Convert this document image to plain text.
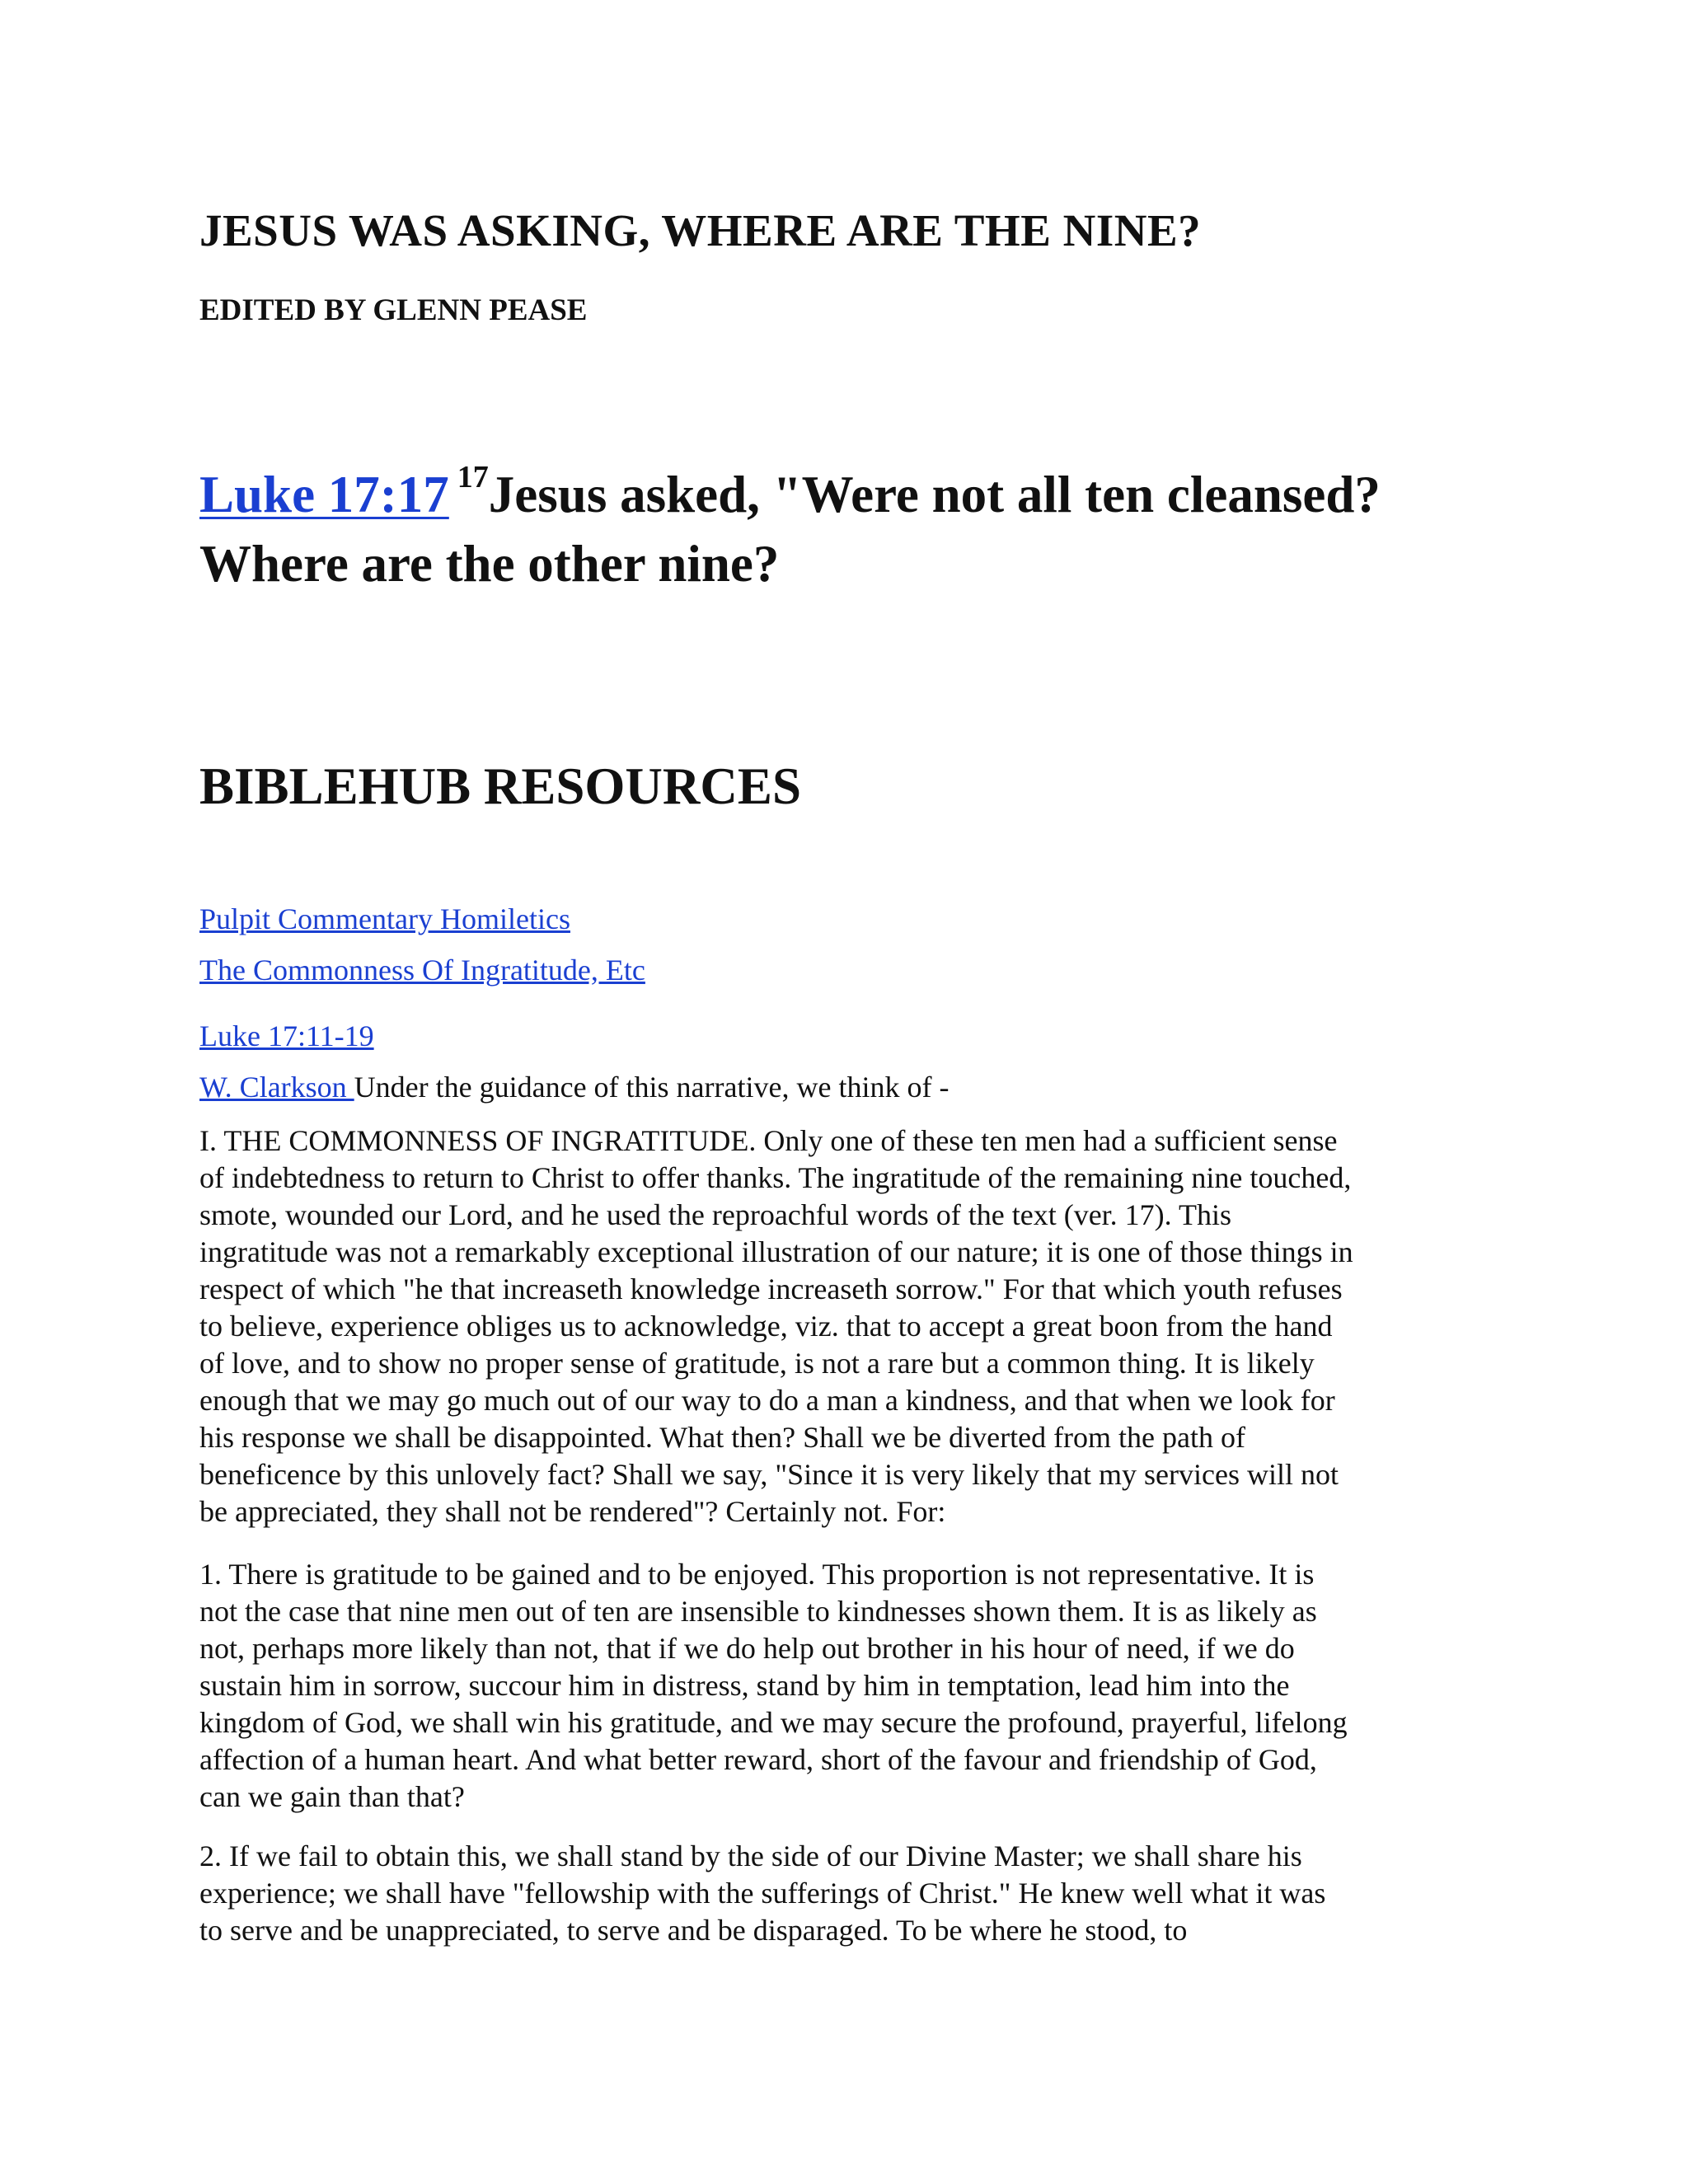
JESUS WAS ASKING, WHERE ARE THE NINE?

EDITED BY GLENN PEASE

Luke 17:17 $^{17}$Jesus asked, "Were not all ten cleansed?
Where are the other nine?
BIBLEHUB RESOURCES
Pulpit Commentary Homiletics
The Commonness Of Ingratitude, Etc
Luke 17:11-19

W. Clarkson Under the guidance of this narrative, we think of -

I. THE COMMONNESS OF INGRATITUDE. Only one of these ten men had a sufficient sense
of indebtedness to return to Christ to offer thanks. The ingratitude of the remaining nine touched,
smote, wounded our Lord, and he used the reproachful words of the text (ver. 17). This
ingratitude was not a remarkably exceptional illustration of our nature; it is one of those things in
respect of which "he that increaseth knowledge increaseth sorrow." For that which youth refuses
to believe, experience obliges us to acknowledge, viz. that to accept a great boon from the hand
of love, and to show no proper sense of gratitude, is not a rare but a common thing. It is likely
enough that we may go much out of our way to do a man a kindness, and that when we look for
his response we shall be disappointed. What then? Shall we be diverted from the path of
beneficence by this unlovely fact? Shall we say, "Since it is very likely that my services will not
be appreciated, they shall not be rendered"? Certainly not. For:
1. There is gratitude to be gained and to be enjoyed. This proportion is not representative. It is
not the case that nine men out of ten are insensible to kindnesses shown them. It is as likely as
not, perhaps more likely than not, that if we do help out brother in his hour of need, if we do
sustain him in sorrow, succour him in distress, stand by him in temptation, lead him into the
kingdom of God, we shall win his gratitude, and we may secure the profound, prayerful, lifelong
affection of a human heart. And what better reward, short of the favour and friendship of God,
can we gain than that?
2. If we fail to obtain this, we shall stand by the side of our Divine Master; we shall share his
experience; we shall have "fellowship with the sufferings of Christ." He knew well what it was
to serve and be unappreciated, to serve and be disparaged. To be where he stood, to
